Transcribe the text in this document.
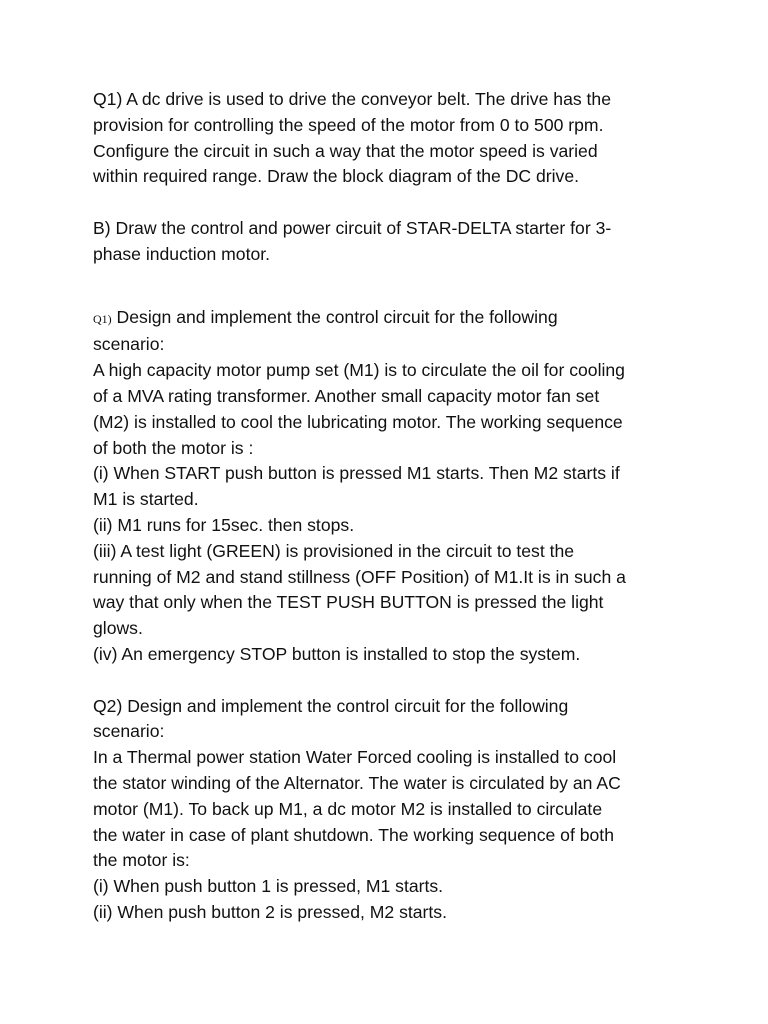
Q1) A dc drive is used to drive the conveyor belt. The drive has the
provision for controlling the speed of the motor from 0 to 500 rpm.
Configure the circuit in such a way that the motor speed is varied
within required range. Draw the block diagram of the DC drive.
B) Draw the control and power circuit of STAR-DELTA starter for 3-
phase induction motor.
Q1) Design and implement the control circuit for the following
scenario:
A high capacity motor pump set (M1) is to circulate the oil for cooling
of a MVA rating transformer. Another small capacity motor fan set
(M2) is installed to cool the lubricating motor. The working sequence
of both the motor is :
(i) When START push button is pressed M1 starts. Then M2 starts if
M1 is started.
(ii) M1 runs for 15sec. then stops.
(iii) A test light (GREEN) is provisioned in the circuit to test the
running of M2 and stand stillness (OFF Position) of M1.It is in such a
way that only when the TEST PUSH BUTTON is pressed the light
glows.
(iv) An emergency STOP button is installed to stop the system.
Q2) Design and implement the control circuit for the following
scenario:
In a Thermal power station Water Forced cooling is installed to cool
the stator winding of the Alternator. The water is circulated by an AC
motor (M1). To back up M1, a dc motor M2 is installed to circulate
the water in case of plant shutdown. The working sequence of both
the motor is:
(i) When push button 1 is pressed, M1 starts.
(ii) When push button 2 is pressed, M2 starts.
